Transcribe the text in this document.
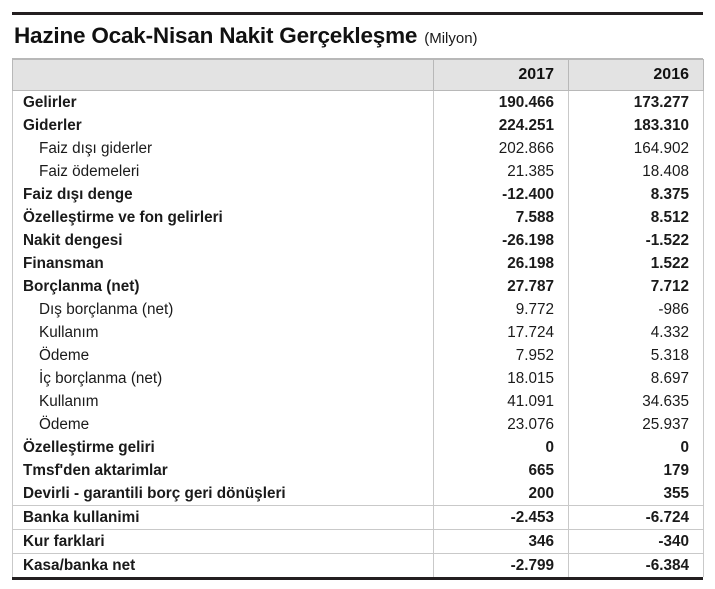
Hazine Ocak-Nisan Nakit Gerçekleşme (Milyon)
	2017	2016
Gelirler	190.466	173.277
Giderler	224.251	183.310
Faiz dışı giderler	202.866	164.902
Faiz ödemeleri	21.385	18.408
Faiz dışı denge	-12.400	8.375
Özelleştirme ve fon gelirleri	7.588	8.512
Nakit dengesi	-26.198	-1.522
Finansman	26.198	1.522
Borçlanma (net)	27.787	7.712
Dış borçlanma (net)	9.772	-986
Kullanım	17.724	4.332
Ödeme	7.952	5.318
İç borçlanma (net)	18.015	8.697
Kullanım	41.091	34.635
Ödeme	23.076	25.937
Özelleştirme geliri	0	0
Tmsf'den aktarimlar	665	179
Devirli - garantili borç geri dönüşleri	200	355
Banka kullanimi	-2.453	-6.724
Kur farklari	346	-340
Kasa/banka net	-2.799	-6.384
